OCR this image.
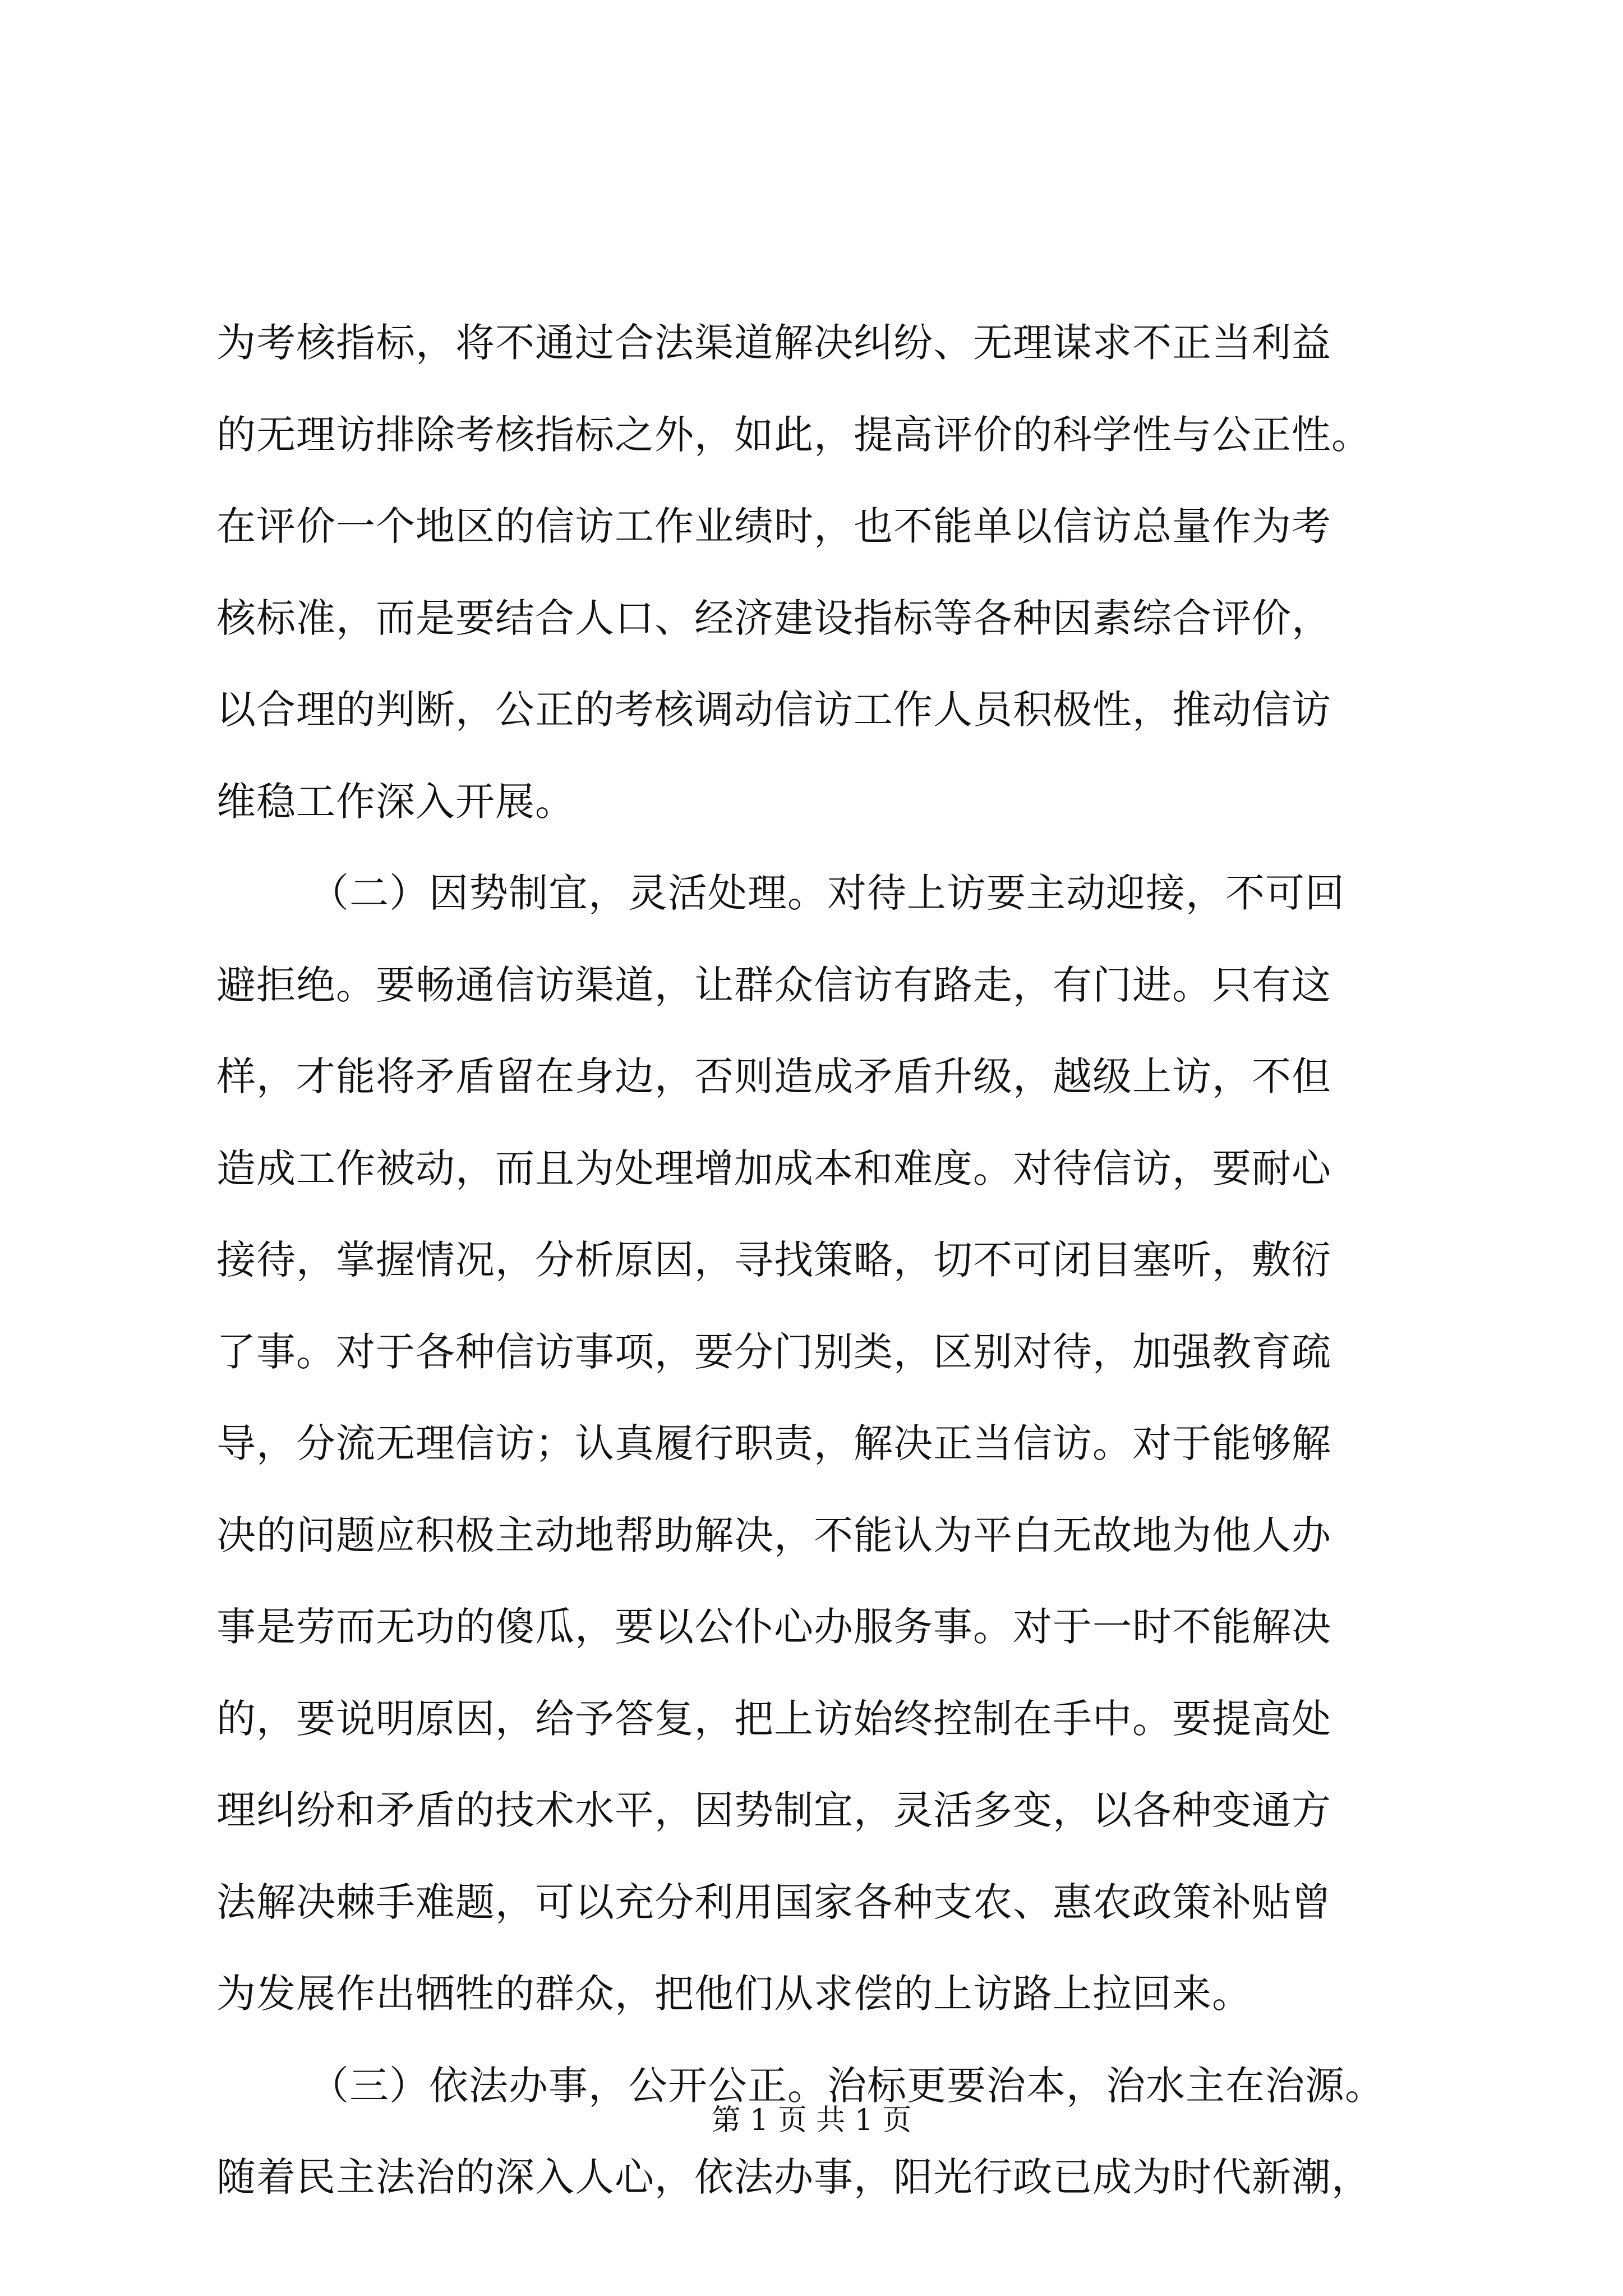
为考核指标，将不通过合法渠道解决纠纷、无理谋求不正当利益
的无理访排除考核指标之外，如此，提高评价的科学性与公正性。
在评价一个地区的信访工作业绩时，也不能单以信访总量作为考
核标准，而是要结合人口、经济建设指标等各种因素综合评价，
以合理的判断，公正的考核调动信访工作人员积极性，推动信访
维稳工作深入开展。
（二）因势制宜，灵活处理。对待上访要主动迎接，不可回
避拒绝。要畅通信访渠道，让群众信访有路走，有门进。只有这
样，才能将矛盾留在身边，否则造成矛盾升级，越级上访，不但
造成工作被动，而且为处理增加成本和难度。对待信访，要耐心
接待，掌握情况，分析原因，寻找策略，切不可闭目塞听，敷衍
了事。对于各种信访事项，要分门别类，区别对待，加强教育疏
导，分流无理信访；认真履行职责，解决正当信访。对于能够解
决的问题应积极主动地帮助解决，不能认为平白无故地为他人办
事是劳而无功的傻瓜，要以公仆心办服务事。对于一时不能解决
的，要说明原因，给予答复，把上访始终控制在手中。要提高处
理纠纷和矛盾的技术水平，因势制宜，灵活多变，以各种变通方
法解决棘手难题，可以充分利用国家各种支农、惠农政策补贴曾
为发展作出牺牲的群众，把他们从求偿的上访路上拉回来。
（三）依法办事，公开公正。治标更要治本，治水主在治源。
随着民主法治的深入人心，依法办事，阳光行政已成为时代新潮，
第 1 页 共 1 页
